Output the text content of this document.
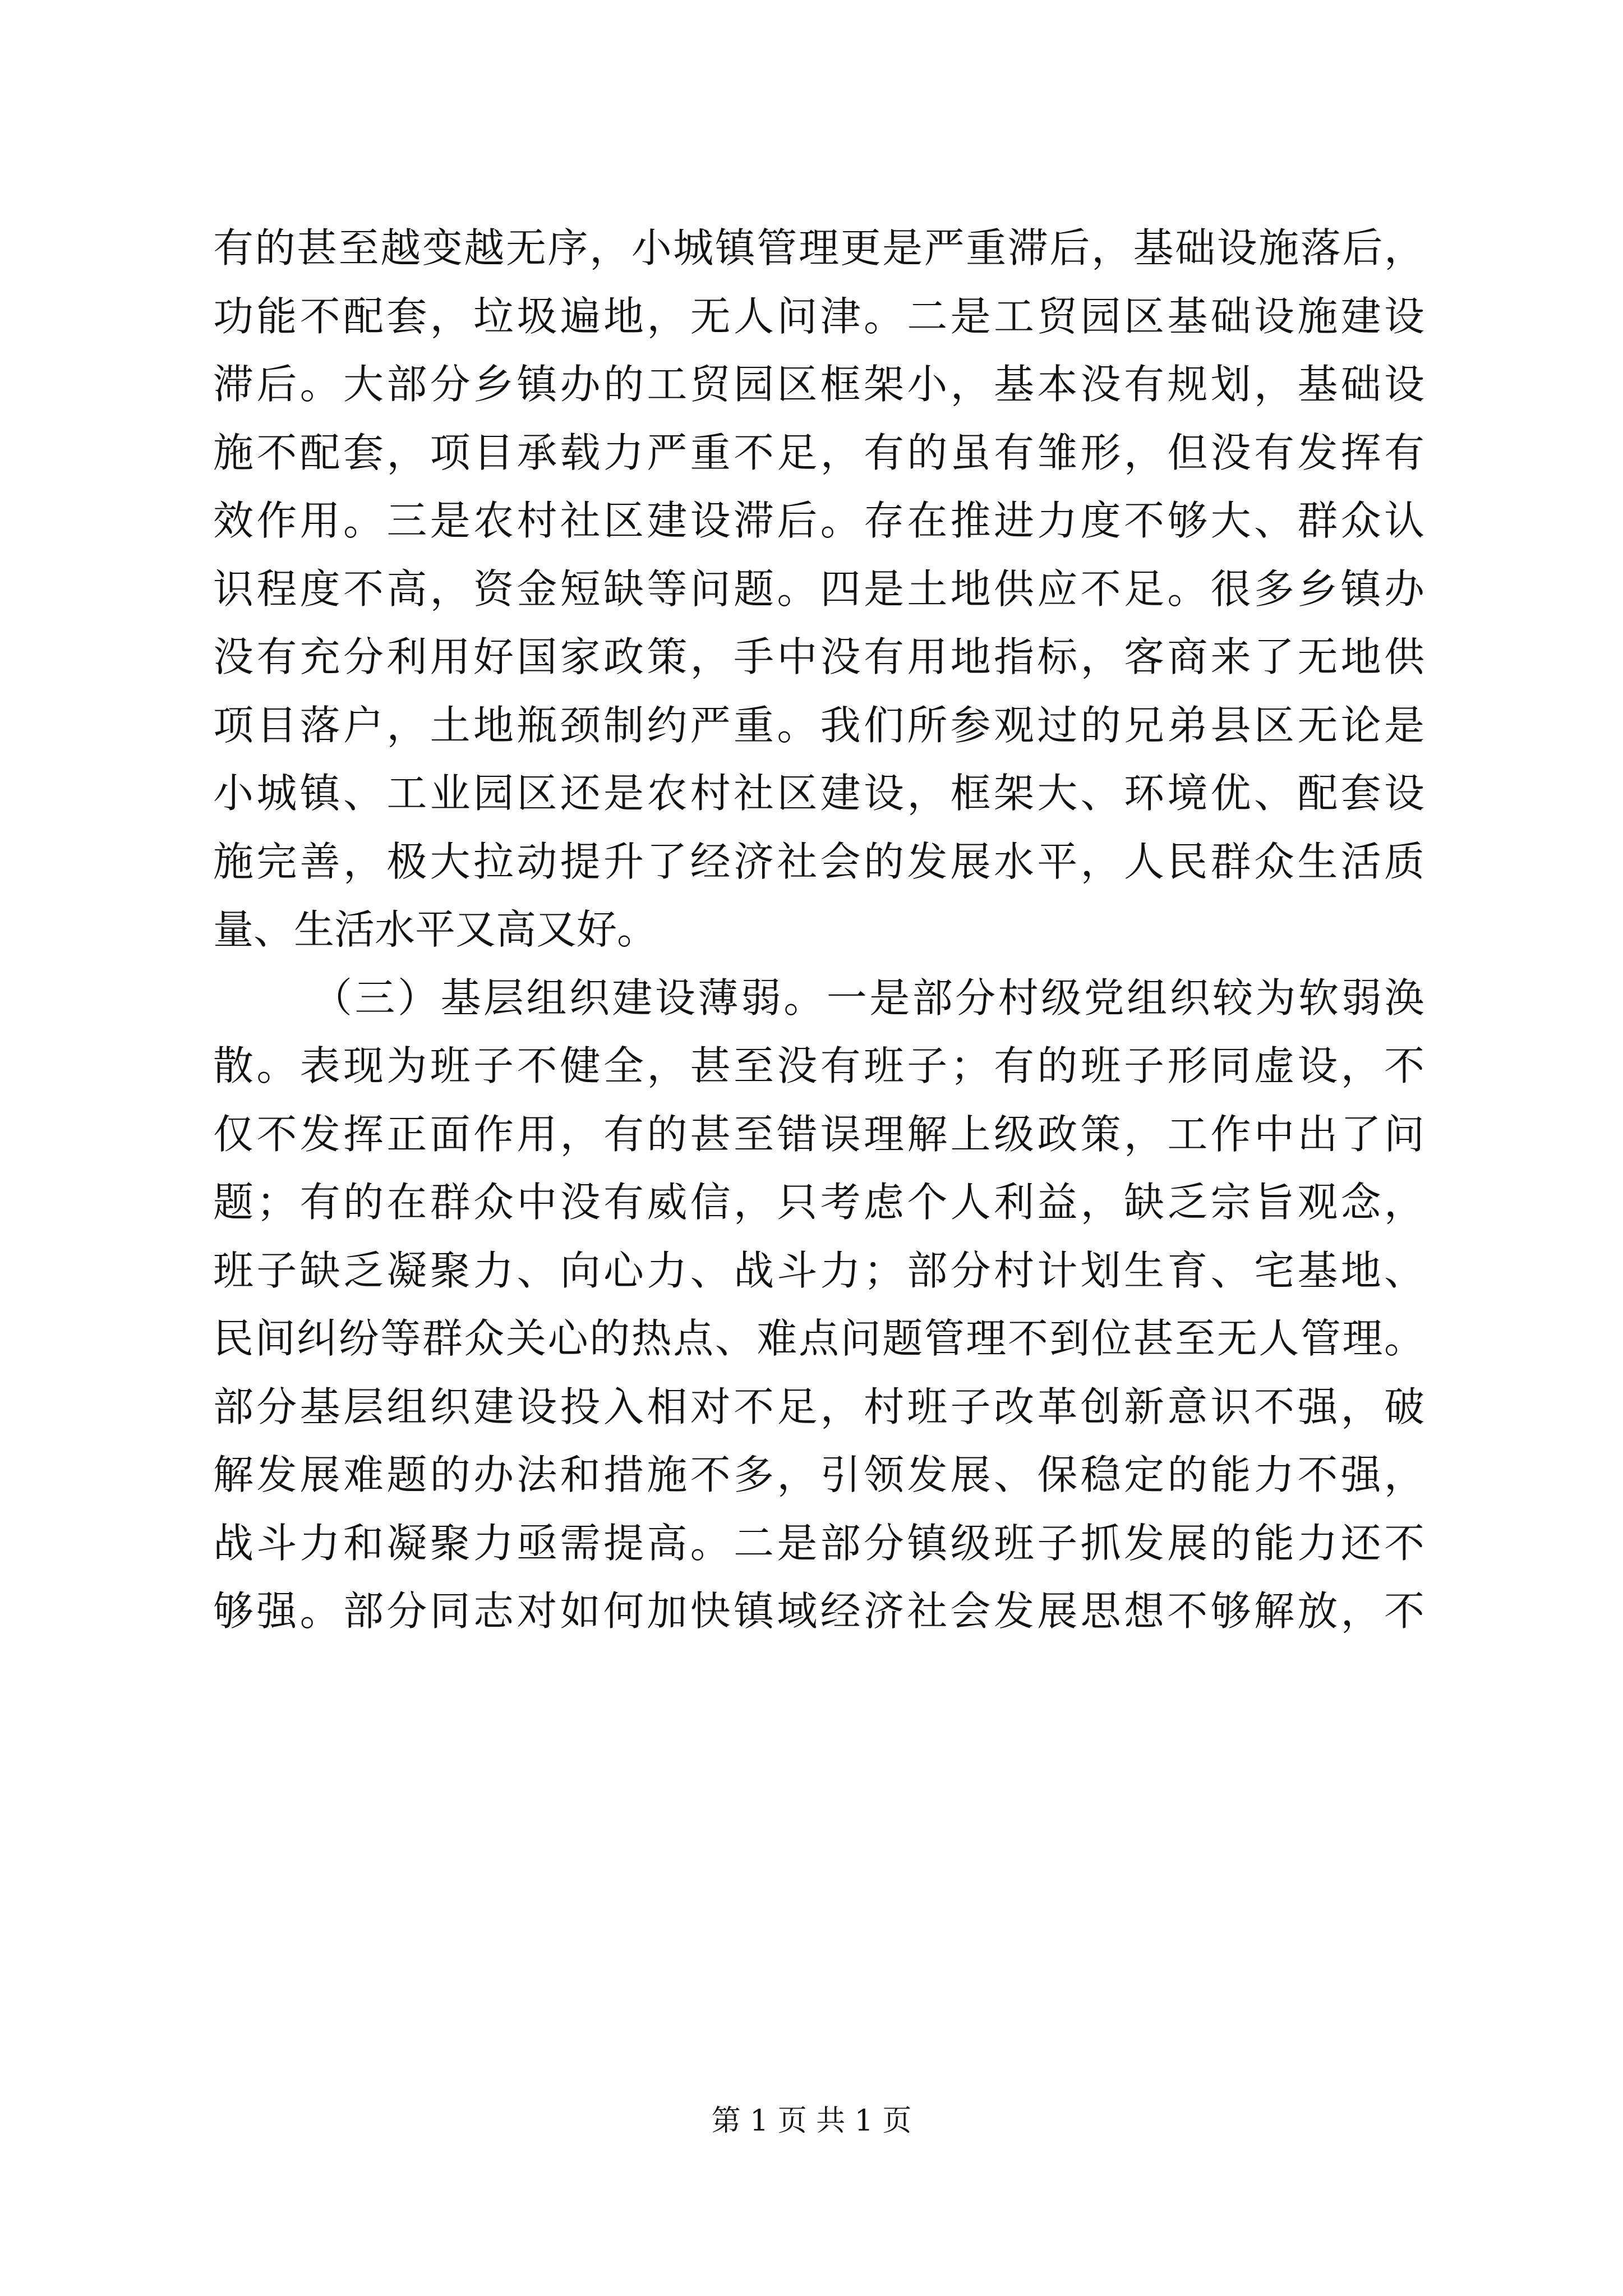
有的甚至越变越无序，小城镇管理更是严重滞后，基础设施落后，
功能不配套，垃圾遍地，无人问津。二是工贸园区基础设施建设
滞后。大部分乡镇办的工贸园区框架小，基本没有规划，基础设
施不配套，项目承载力严重不足，有的虽有雏形，但没有发挥有
效作用。三是农村社区建设滞后。存在推进力度不够大、群众认
识程度不高，资金短缺等问题。四是土地供应不足。很多乡镇办
没有充分利用好国家政策，手中没有用地指标，客商来了无地供
项目落户，土地瓶颈制约严重。我们所参观过的兄弟县区无论是
小城镇、工业园区还是农村社区建设，框架大、环境优、配套设
施完善，极大拉动提升了经济社会的发展水平，人民群众生活质
量、生活水平又高又好。
（三）基层组织建设薄弱。一是部分村级党组织较为软弱涣
散。表现为班子不健全，甚至没有班子；有的班子形同虚设，不
仅不发挥正面作用，有的甚至错误理解上级政策，工作中出了问
题；有的在群众中没有威信，只考虑个人利益，缺乏宗旨观念，
班子缺乏凝聚力、向心力、战斗力；部分村计划生育、宅基地、
民间纠纷等群众关心的热点、难点问题管理不到位甚至无人管理。
部分基层组织建设投入相对不足，村班子改革创新意识不强，破
解发展难题的办法和措施不多，引领发展、保稳定的能力不强，
战斗力和凝聚力亟需提高。二是部分镇级班子抓发展的能力还不
够强。部分同志对如何加快镇域经济社会发展思想不够解放，不
第 1 页 共 1 页
